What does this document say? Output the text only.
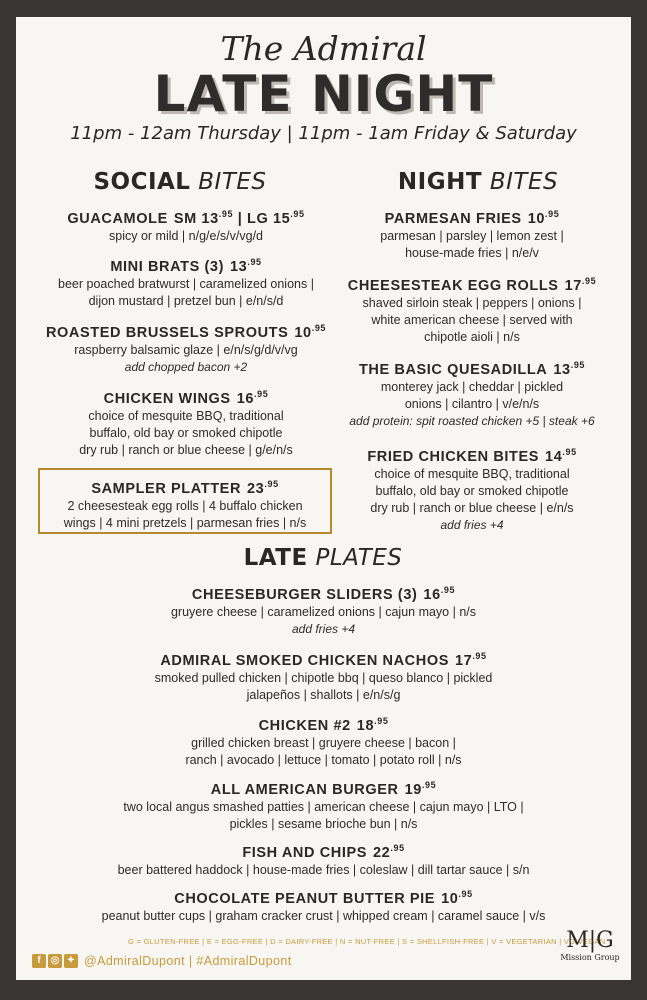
The Admiral
LATE NIGHT
11pm - 12am Thursday | 11pm - 1am Friday & Saturday
SOCIAL BITES
GUACAMOLE SM $13^{.95}$ | LG $15^{.95}$
spicy or mild | n/g/e/s/v/vg/d
MINI BRATS (3) $13^{.95}$
beer poached bratwurst | caramelized onions |
dijon mustard | pretzel bun | e/n/s/d
ROASTED BRUSSELS SPROUTS $10^{.95}$
raspberry balsamic glaze | e/n/s/g/d/v/vg
add chopped bacon +2
CHICKEN WINGS $16^{.95}$
choice of mesquite BBQ, traditional
buffalo, old bay or smoked chipotle
dry rub | ranch or blue cheese | g/e/n/s
SAMPLER PLATTER $23^{.95}$
2 cheesesteak egg rolls | 4 buffalo chicken
wings | 4 mini pretzels | parmesan fries | n/s
NIGHT BITES
PARMESAN FRIES $10^{.95}$
parmesan | parsley | lemon zest |
house-made fries | n/e/v
CHEESESTEAK EGG ROLLS $17^{.95}$
shaved sirloin steak | peppers | onions |
white american cheese | served with
chipotle aioli | n/s
THE BASIC QUESADILLA $13^{.95}$
monterey jack | cheddar | pickled
onions | cilantro | v/e/n/s
add protein: spit roasted chicken +5 | steak +6
FRIED CHICKEN BITES $14^{.95}$
choice of mesquite BBQ, traditional
buffalo, old bay or smoked chipotle
dry rub | ranch or blue cheese | e/n/s
add fries +4
LATE PLATES
CHEESEBURGER SLIDERS (3) $16^{.95}$
gruyere cheese | caramelized onions | cajun mayo | n/s
add fries +4
ADMIRAL SMOKED CHICKEN NACHOS $17^{.95}$
smoked pulled chicken | chipotle bbq | queso blanco | pickled
jalapeños | shallots | e/n/s/g
CHICKEN #2 $18^{.95}$
grilled chicken breast | gruyere cheese | bacon |
ranch | avocado | lettuce | tomato | potato roll | n/s
ALL AMERICAN BURGER $19^{.95}$
two local angus smashed patties | american cheese | cajun mayo | LTO |
pickles | sesame brioche bun | n/s
FISH AND CHIPS $22^{.95}$
beer battered haddock | house-made fries | coleslaw | dill tartar sauce | s/n
CHOCOLATE PEANUT BUTTER PIE $10^{.95}$
peanut butter cups | graham cracker crust | whipped cream | caramel sauce | v/s
G = GLUTEN-FREE | E = EGG-FREE | D = DAIRY-FREE | N = NUT-FREE | S = SHELLFISH-FREE | V = VEGETARIAN | VG VEGAN
f ◎ ✦ @AdmiralDupont | #AdmiralDupont
M|G
Mission Group
